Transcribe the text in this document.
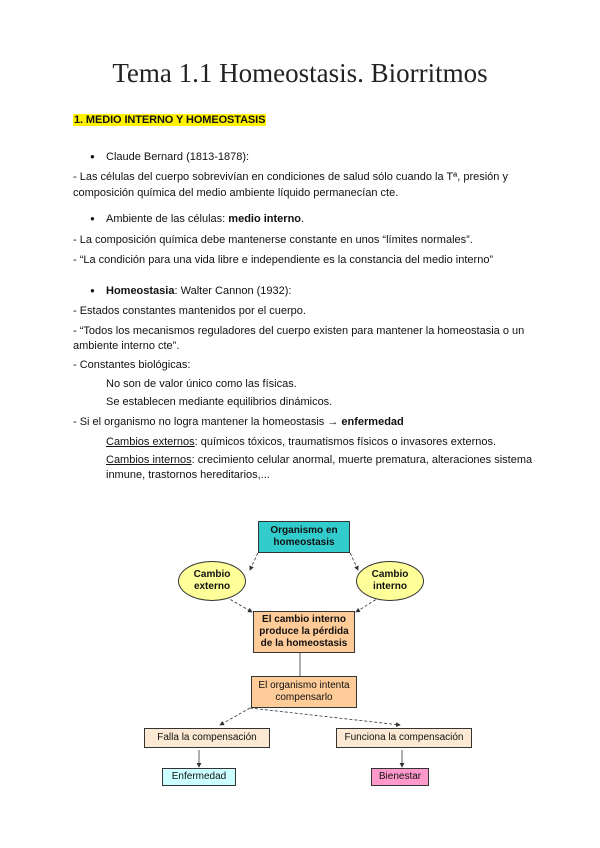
Tema 1.1 Homeostasis. Biorritmos
1. MEDIO INTERNO Y HOMEOSTASIS
● Claude Bernard (1813-1878):
- Las células del cuerpo sobrevivían en condiciones de salud sólo cuando la Tª, presión y
composición química del medio ambiente líquido permanecían cte.
● Ambiente de las células: medio interno.
- La composición química debe mantenerse constante en unos “límites normales”.
- “La condición para una vida libre e independiente es la constancia del medio interno”
● Homeostasia: Walter Cannon (1932):
- Estados constantes mantenidos por el cuerpo.
- “Todos los mecanismos reguladores del cuerpo existen para mantener la homeostasia o un
ambiente interno cte”.
- Constantes biológicas:
No son de valor único como las físicas.
Se establecen mediante equilibrios dinámicos.
- Si el organismo no logra mantener la homeostasis → enfermedad
Cambios externos: químicos tóxicos, traumatismos físicos o invasores externos.
Cambios internos: crecimiento celular anormal, muerte prematura, alteraciones sistema
inmune, trastornos hereditarios,...
Organismo en homeostasis
Cambio externo
Cambio interno
El cambio interno produce la pérdida de la homeostasis
El organismo intenta compensarlo
Falla la compensación	Funciona la compensación
Enfermedad	Bienestar
